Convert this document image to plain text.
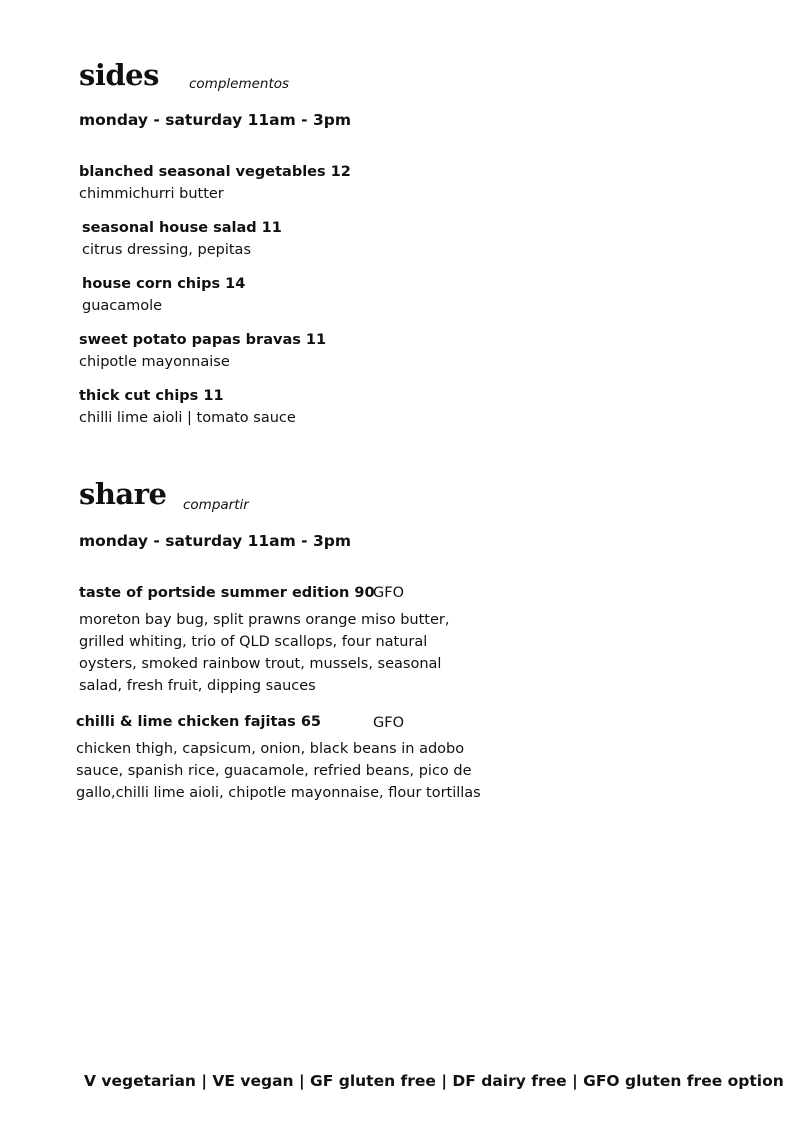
sides complementos
monday - saturday 11am - 3pm
blanched seasonal vegetables 12
chimmichurri butter
seasonal house salad 11
citrus dressing, pepitas
house corn chips 14
guacamole
sweet potato papas bravas 11
chipotle mayonnaise
thick cut chips 11
chilli lime aioli | tomato sauce
share compartir
monday - saturday 11am - 3pm
taste of portside summer edition 90
GFO
moreton bay bug, split prawns orange miso butter,
grilled whiting, trio of QLD scallops, four natural
oysters, smoked rainbow trout, mussels, seasonal
salad, fresh fruit, dipping sauces
chilli & lime chicken fajitas 65	GFO
chicken thigh, capsicum, onion, black beans in adobo
sauce, spanish rice, guacamole, refried beans, pico de
gallo,chilli lime aioli, chipotle mayonnaise, flour tortillas
V vegetarian | VE vegan | GF gluten free | DF dairy free | GFO gluten free option
